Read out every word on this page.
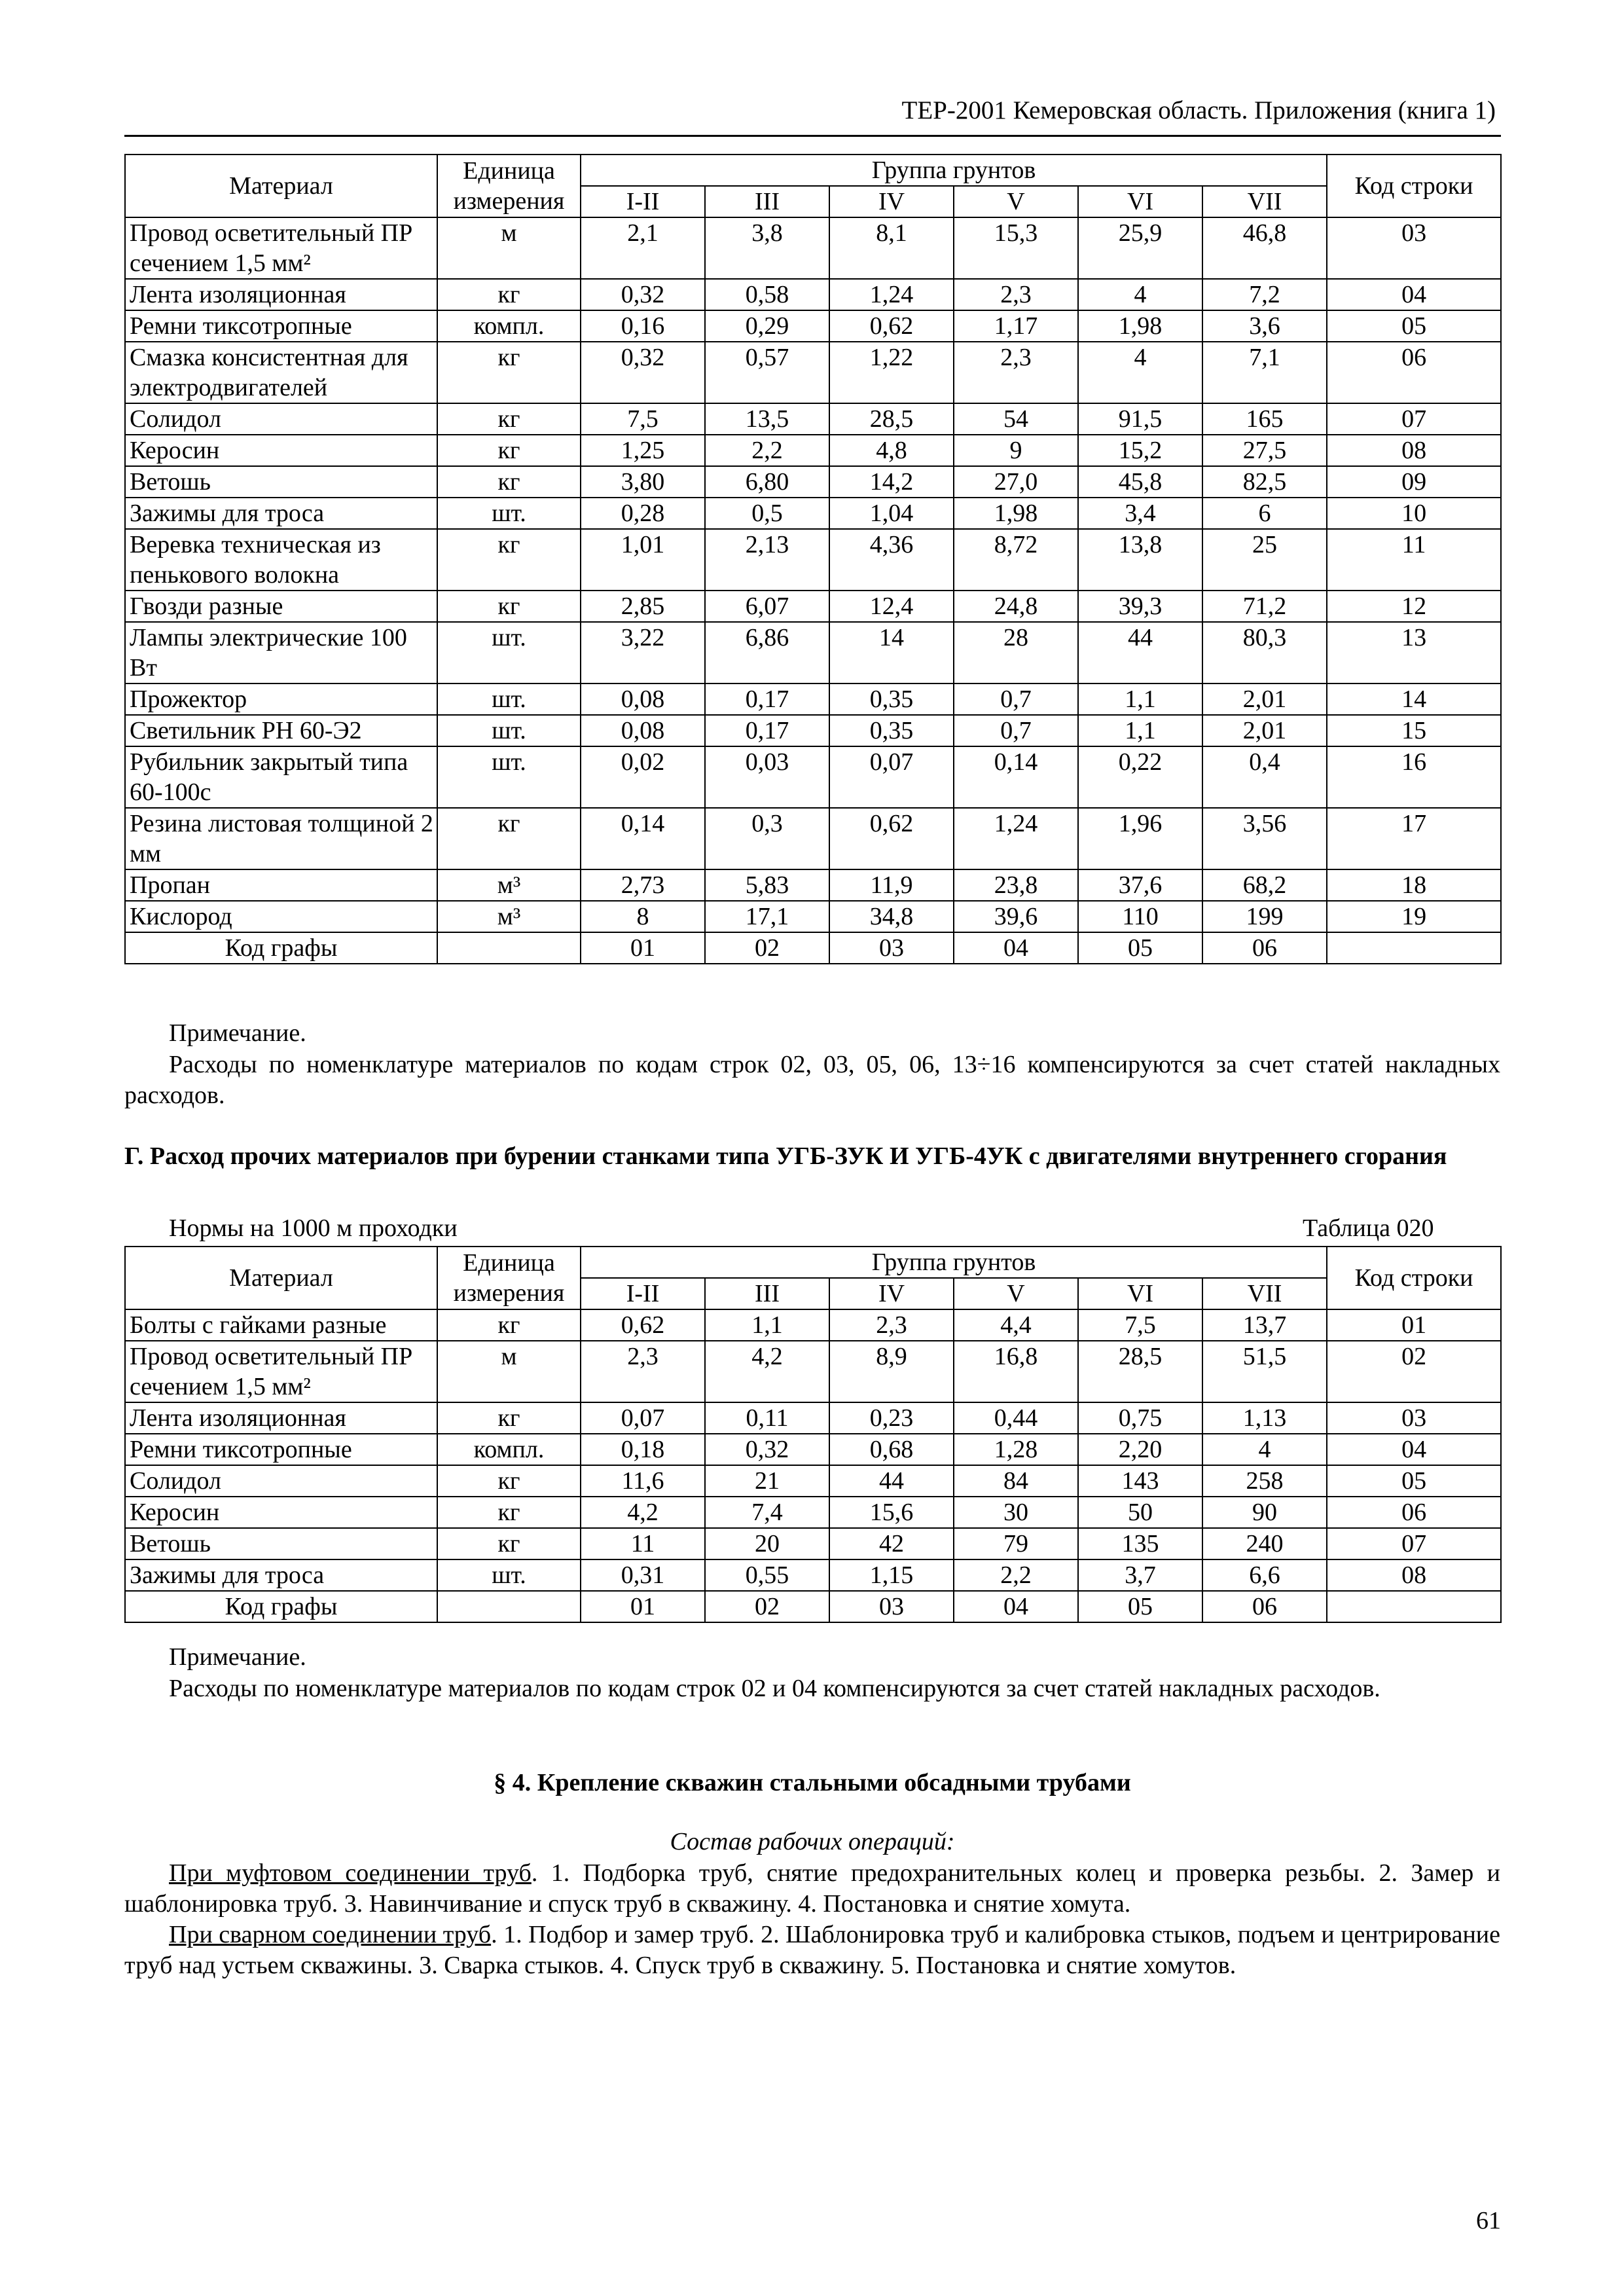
ТЕР-2001 Кемеровская область. Приложения (книга 1)
Материал	Единица измерения	Группа грунтов						Код строки
		I-II	III	IV	V	VI	VII	
Провод осветительный ПР сечением 1,5 мм²	м	2,1	3,8	8,1	15,3	25,9	46,8	03
Лента изоляционная	кг	0,32	0,58	1,24	2,3	4	7,2	04
Ремни тиксотропные	компл.	0,16	0,29	0,62	1,17	1,98	3,6	05
Смазка консистентная для электродвигателей	кг	0,32	0,57	1,22	2,3	4	7,1	06
Солидол	кг	7,5	13,5	28,5	54	91,5	165	07
Керосин	кг	1,25	2,2	4,8	9	15,2	27,5	08
Ветошь	кг	3,80	6,80	14,2	27,0	45,8	82,5	09
Зажимы для троса	шт.	0,28	0,5	1,04	1,98	3,4	6	10
Веревка техническая из пенькового волокна	кг	1,01	2,13	4,36	8,72	13,8	25	11
Гвозди разные	кг	2,85	6,07	12,4	24,8	39,3	71,2	12
Лампы электрические 100 Вт	шт.	3,22	6,86	14	28	44	80,3	13
Прожектор	шт.	0,08	0,17	0,35	0,7	1,1	2,01	14
Светильник РН 60-Э2	шт.	0,08	0,17	0,35	0,7	1,1	2,01	15
Рубильник закрытый типа 60-100с	шт.	0,02	0,03	0,07	0,14	0,22	0,4	16
Резина листовая толщиной 2 мм	кг	0,14	0,3	0,62	1,24	1,96	3,56	17
Пропан	м³	2,73	5,83	11,9	23,8	37,6	68,2	18
Кислород	м³	8	17,1	34,8	39,6	110	199	19
Код графы		01	02	03	04	05	06	
Примечание.
Расходы по номенклатуре материалов по кодам строк 02, 03, 05, 06, 13÷16 компенсируются за счет статей накладных расходов.
Г. Расход прочих материалов при бурении станками типа УГБ-ЗУК И УГБ-4УК с двигателями внутреннего сгорания
Нормы на 1000 м проходки	Таблица 020
Материал	Единица измерения	Группа грунтов						Код строки
		I-II	III	IV	V	VI	VII	
Болты с гайками разные	кг	0,62	1,1	2,3	4,4	7,5	13,7	01
Провод осветительный ПР сечением 1,5 мм²	м	2,3	4,2	8,9	16,8	28,5	51,5	02
Лента изоляционная	кг	0,07	0,11	0,23	0,44	0,75	1,13	03
Ремни тиксотропные	компл.	0,18	0,32	0,68	1,28	2,20	4	04
Солидол	кг	11,6	21	44	84	143	258	05
Керосин	кг	4,2	7,4	15,6	30	50	90	06
Ветошь	кг	11	20	42	79	135	240	07
Зажимы для троса	шт.	0,31	0,55	1,15	2,2	3,7	6,6	08
Код графы		01	02	03	04	05	06	
Примечание.
Расходы по номенклатуре материалов по кодам строк 02 и 04 компенсируются за счет статей накладных расходов.
§ 4. Крепление скважин стальными обсадными трубами
Состав рабочих операций:
При муфтовом соединении труб. 1. Подборка труб, снятие предохранительных колец и проверка резьбы. 2. Замер и шаблонировка труб. 3. Навинчивание и спуск труб в скважину. 4. Постановка и снятие хомута.
При сварном соединении труб. 1. Подбор и замер труб. 2. Шаблонировка труб и калибровка стыков, подъем и центрирование труб над устьем скважины. 3. Сварка стыков. 4. Спуск труб в скважину. 5. Постановка и снятие хомутов.
61
